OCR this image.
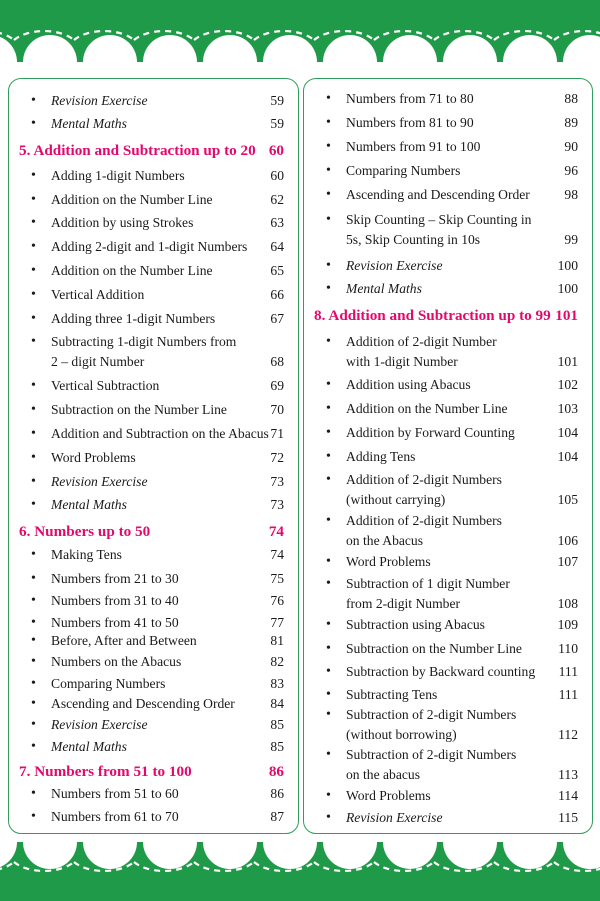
• Revision Exercise	59
• Mental Maths	59
5. Addition and Subtraction up to 20 60
• Adding 1-digit Numbers	60
• Addition on the Number Line	62
• Addition by using Strokes	63
• Adding 2-digit and 1-digit Numbers	64
• Addition on the Number Line	65
• Vertical Addition	66
• Adding three 1-digit Numbers	67
• Subtracting 1-digit Numbers from
2 – digit Number	68
• Vertical Subtraction	69
• Subtraction on the Number Line	70
• Addition and Subtraction on the Abacus 71
• Word Problems	72
• Revision Exercise	73
• Mental Maths	73
6. Numbers up to 50	74
• Making Tens	74
• Numbers from 21 to 30	75
• Numbers from 31 to 40	76
• Numbers from 41 to 50	77
• Before, After and Between	81
• Numbers on the Abacus	82
• Comparing Numbers	83
• Ascending and Descending Order	84
• Revision Exercise	85
• Mental Maths	85
7. Numbers from 51 to 100	86
• Numbers from 51 to 60	86
• Numbers from 61 to 70	87
• Numbers from 71 to 80	88
• Numbers from 81 to 90	89
• Numbers from 91 to 100	90
• Comparing Numbers	96
• Ascending and Descending Order	98
• Skip Counting – Skip Counting in
5s, Skip Counting in 10s	99
• Revision Exercise	100
• Mental Maths	100
8. Addition and Subtraction up to 99 101
• Addition of 2-digit Number
with 1-digit Number	101
• Addition using Abacus	102
• Addition on the Number Line	103
• Addition by Forward Counting	104
• Adding Tens	104
• Addition of 2-digit Numbers
(without carrying)	105
• Addition of 2-digit Numbers
on the Abacus	106
• Word Problems	107
• Subtraction of 1 digit Number
from 2-digit Number	108
• Subtraction using Abacus	109
• Subtraction on the Number Line	110
• Subtraction by Backward counting	111
• Subtracting Tens	111
• Subtraction of 2-digit Numbers
(without borrowing)	112
• Subtraction of 2-digit Numbers
on the abacus	113
• Word Problems	114
• Revision Exercise	115
